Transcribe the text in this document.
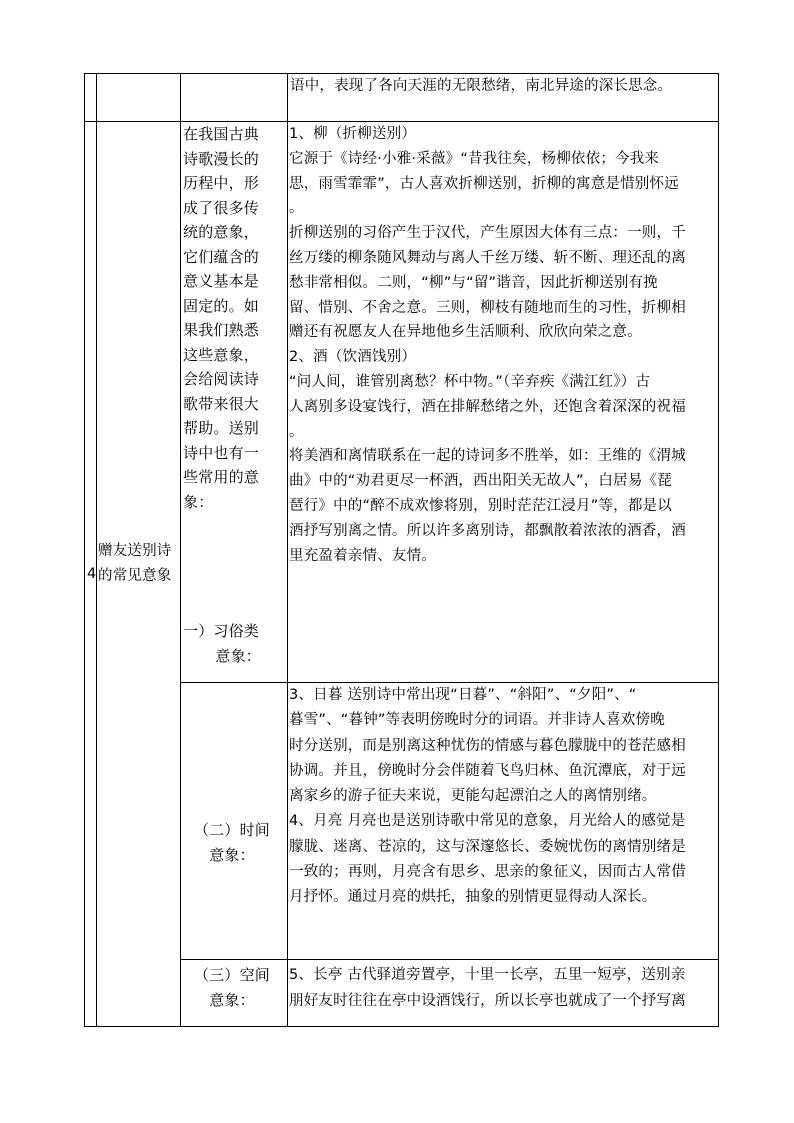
语中，表现了各向天涯的无限愁绪，南北异途的深长思念。
4
赠友送别诗
的常见意象
在我国古典
诗歌漫长的
历程中，形
成了很多传
统的意象，
它们蕴含的
意义基本是
固定的。如
果我们熟悉
这些意象，
会给阅读诗
歌带来很大
帮助。送别
诗中也有一
些常用的意
象：
一）习俗类
意象：
（二）时间
意象：
（三）空间
意象：
1、柳（折柳送别）
它源于《诗经·小雅·采薇》“昔我往矣，杨柳依依；今我来
思，雨雪霏霏”，古人喜欢折柳送别，折柳的寓意是惜别怀远
。
折柳送别的习俗产生于汉代，产生原因大体有三点：一则，千
丝万缕的柳条随风舞动与离人千丝万缕、斩不断、理还乱的离
愁非常相似。二则，“柳”与“留”谐音，因此折柳送别有挽
留、惜别、不舍之意。三则，柳枝有随地而生的习性，折柳相
赠还有祝愿友人在异地他乡生活顺利、欣欣向荣之意。
2、酒（饮酒饯别）
“问人间，谁管别离愁？杯中物。”（辛弃疾《满江红》）古
人离别多设宴饯行，酒在排解愁绪之外，还饱含着深深的祝福
。
将美酒和离情联系在一起的诗词多不胜举，如：王维的《渭城
曲》中的“劝君更尽一杯酒，西出阳关无故人”，白居易《琵
琶行》中的“醉不成欢惨将别，别时茫茫江浸月”等，都是以
酒抒写别离之情。所以许多离别诗，都飘散着浓浓的酒香，酒
里充盈着亲情、友情。
3、日暮 送别诗中常出现“日暮”、“斜阳”、“夕阳”、“
暮雪”、“暮钟”等表明傍晚时分的词语。并非诗人喜欢傍晚
时分送别，而是别离这种忧伤的情感与暮色朦胧中的苍茫感相
协调。并且，傍晚时分会伴随着飞鸟归林、鱼沉潭底，对于远
离家乡的游子征夫来说，更能勾起漂泊之人的离情别绪。
4、月亮 月亮也是送别诗歌中常见的意象，月光给人的感觉是
朦胧、迷离、苍凉的，这与深邃悠长、委婉忧伤的离情别绪是
一致的；再则，月亮含有思乡、思亲的象征义，因而古人常借
月抒怀。通过月亮的烘托，抽象的别情更显得动人深长。
5、长亭 古代驿道旁置亭，十里一长亭，五里一短亭，送别亲
朋好友时往往在亭中设酒饯行，所以长亭也就成了一个抒写离
